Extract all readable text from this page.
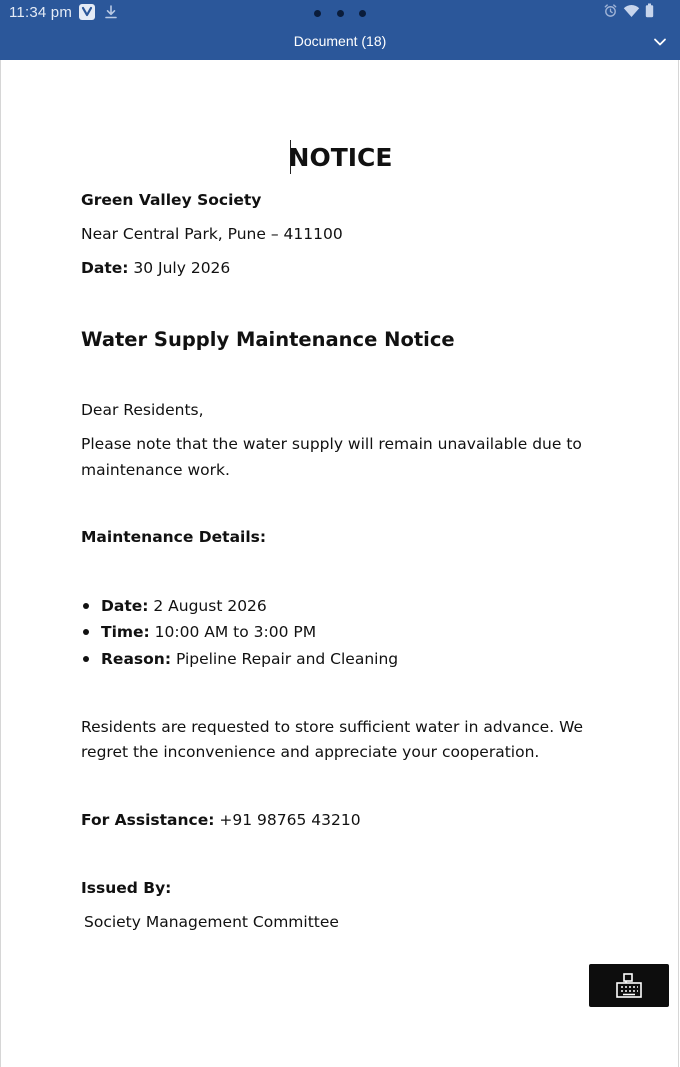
11:34 pm
Document (18)
NOTICE
Green Valley Society
Near Central Park, Pune – 411100
Date: 30 July 2026
Water Supply Maintenance Notice
Dear Residents,
Please note that the water supply will remain unavailable due to
maintenance work.
Maintenance Details:
Date: 2 August 2026
Time: 10:00 AM to 3:00 PM
Reason: Pipeline Repair and Cleaning
Residents are requested to store sufficient water in advance. We
regret the inconvenience and appreciate your cooperation.
For Assistance: +91 98765 43210
Issued By:
Society Management Committee
